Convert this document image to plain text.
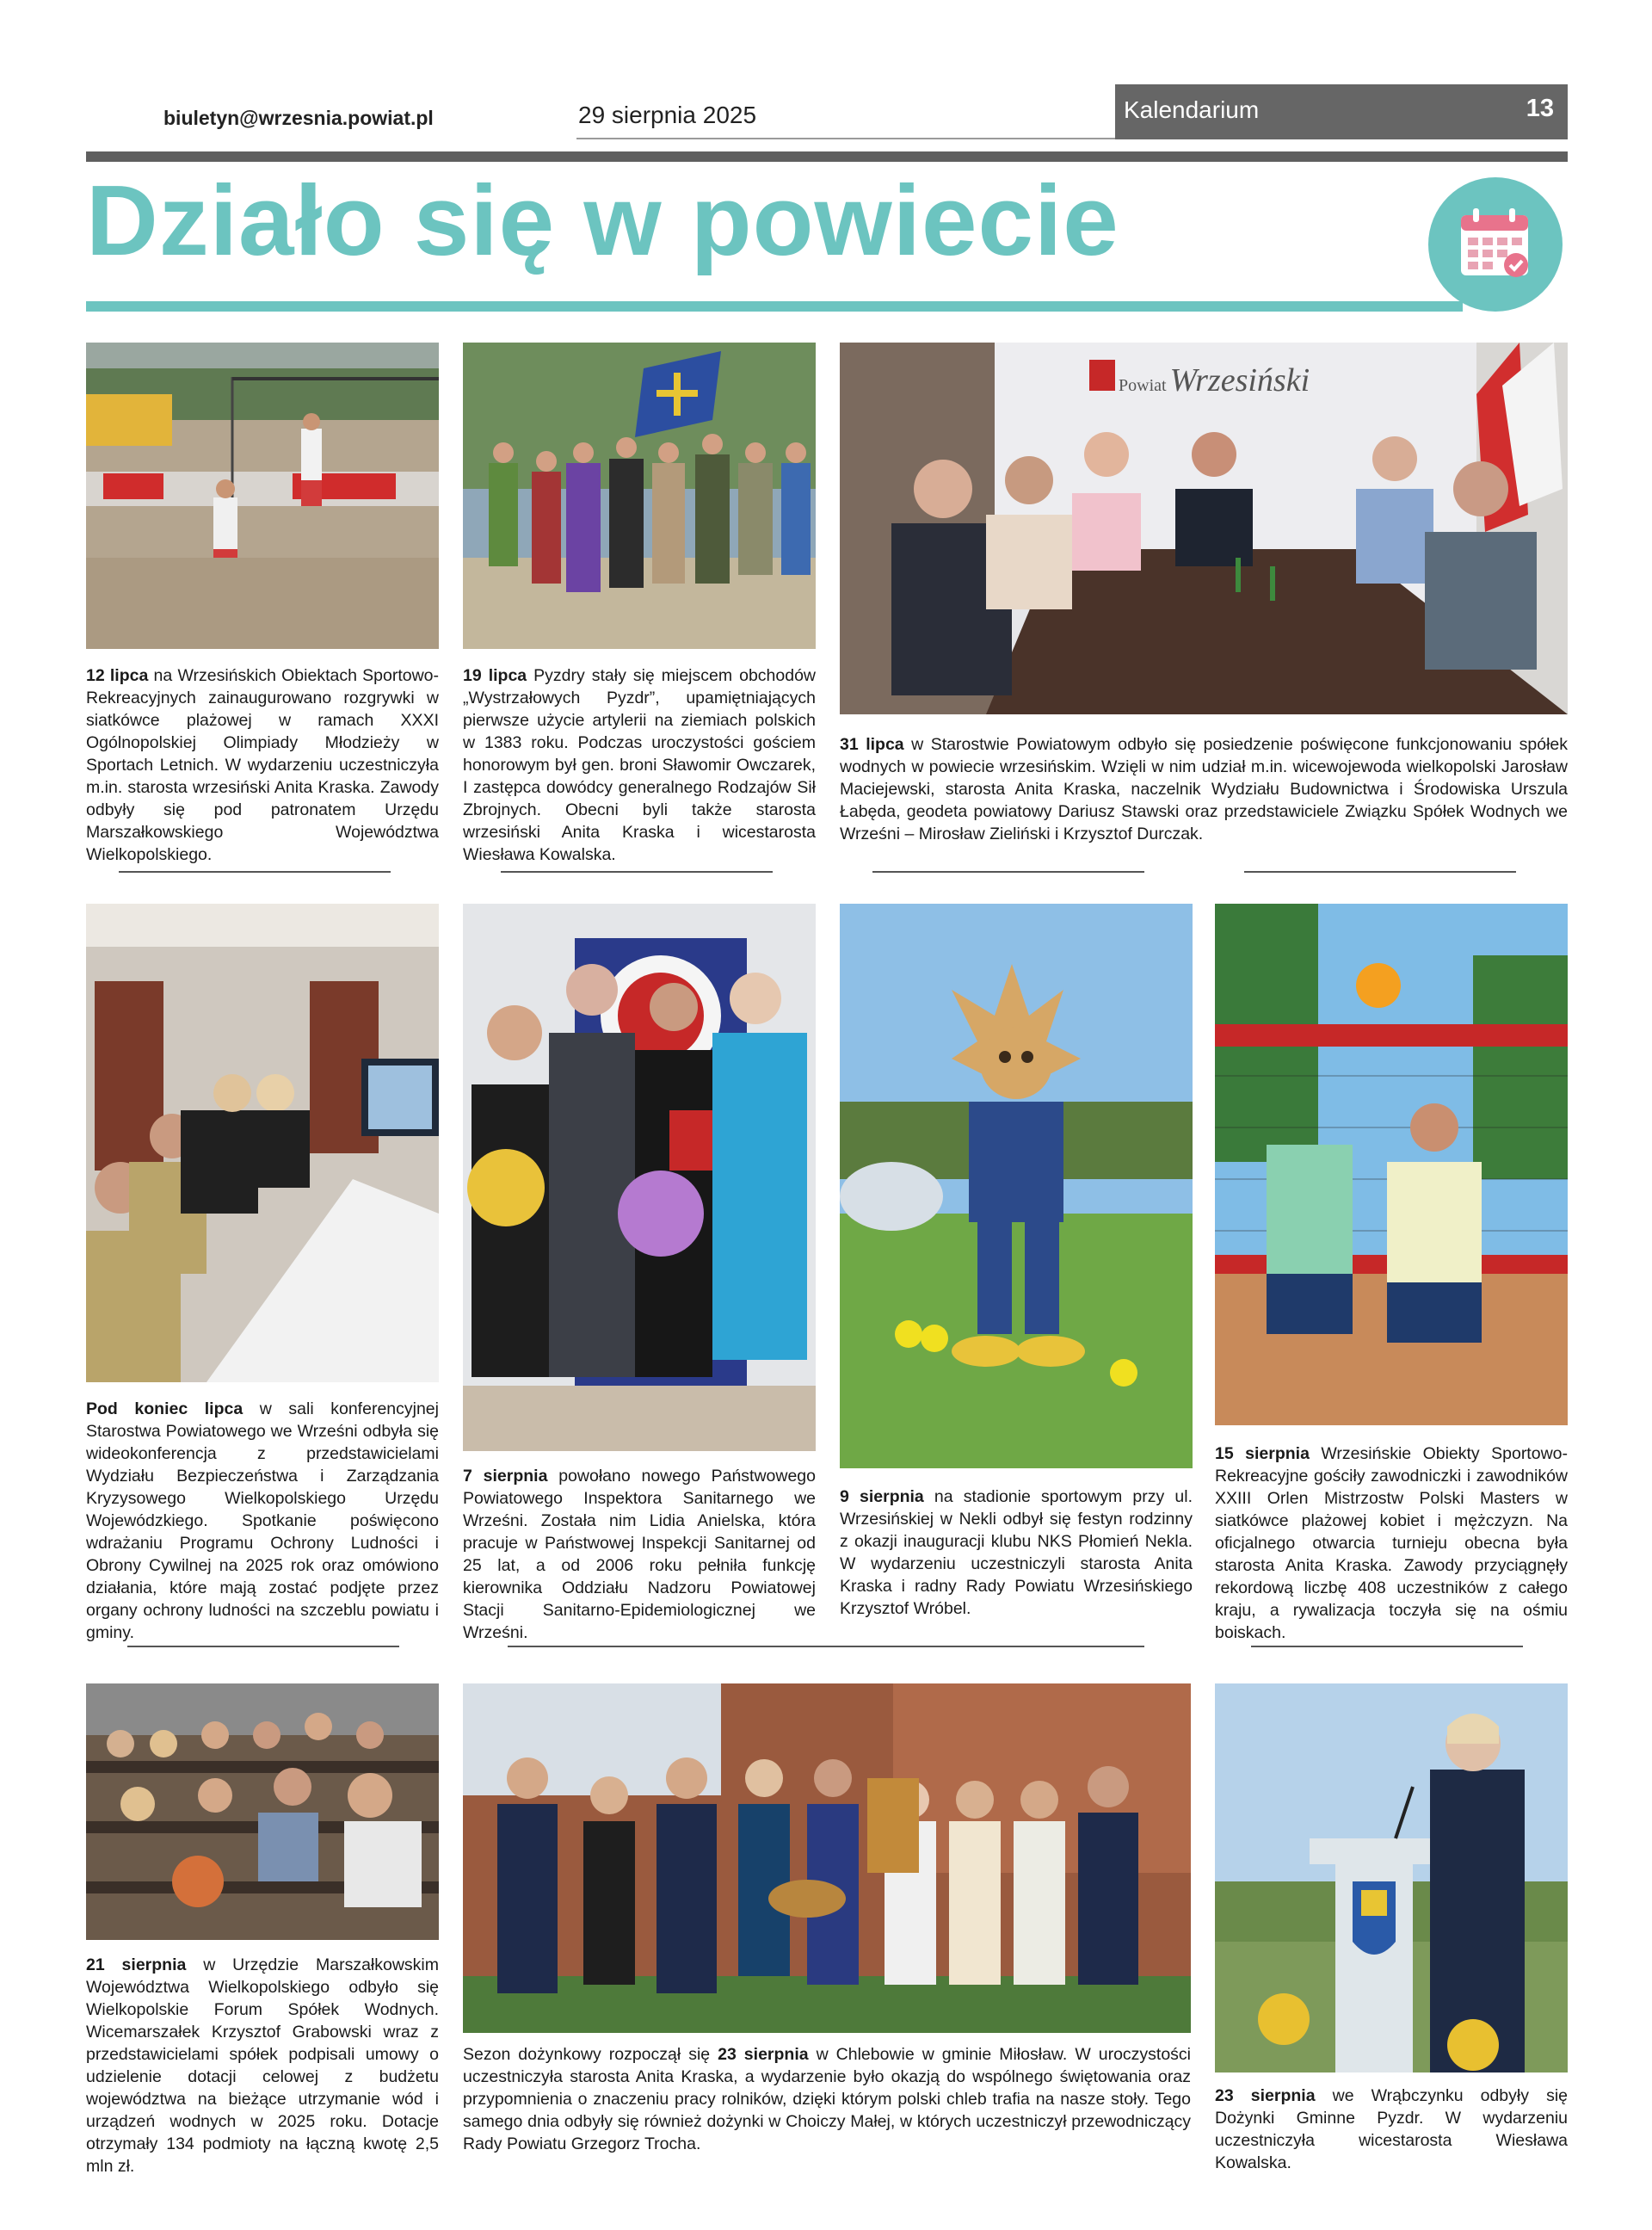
biuletyn@wrzesnia.powiat.pl	29 sierpnia 2025	Kalendarium	13
Działo się w powiecie
Powiat Wrzesiński
12 lipca na Wrzesińskich Obiektach Sportowo-Rekreacyjnych zainaugurowano rozgrywki w siatkówce plażowej w ramach XXXI Ogólnopolskiej Olimpiady Młodzieży w Sportach Letnich. W wydarzeniu uczestniczyła m.in. starosta wrzesiński Anita Kraska. Zawody odbyły się pod patronatem Urzędu Marszałkowskiego Województwa Wielkopolskiego.
19 lipca Pyzdry stały się miejscem obchodów „Wystrzałowych Pyzdr”, upamiętniających pierwsze użycie artylerii na ziemiach polskich w 1383 roku. Podczas uroczystości gościem honorowym był gen. broni Sławomir Owczarek, I zastępca dowódcy generalnego Rodzajów Sił Zbrojnych. Obecni byli także starosta wrzesiński Anita Kraska i wicestarosta Wiesława Kowalska.
31 lipca w Starostwie Powiatowym odbyło się posiedzenie poświęcone funkcjonowaniu spółek wodnych w powiecie wrzesińskim. Wzięli w nim udział m.in. wicewojewoda wielkopolski Jarosław Maciejewski, starosta Anita Kraska, naczelnik Wydziału Budownictwa i Środowiska Urszula Łabęda, geodeta powiatowy Dariusz Stawski oraz przedstawiciele Związku Spółek Wodnych we Wrześni – Mirosław Zieliński i Krzysztof Durczak.
Pod koniec lipca w sali konferencyjnej Starostwa Powiatowego we Wrześni odbyła się wideokonferencja z przedstawicielami Wydziału Bezpieczeństwa i Zarządzania Kryzysowego Wielkopolskiego Urzędu Wojewódzkiego. Spotkanie poświęcono wdrażaniu Programu Ochrony Ludności i Obrony Cywilnej na 2025 rok oraz omówiono działania, które mają zostać podjęte przez organy ochrony ludności na szczeblu powiatu i gminy.
7 sierpnia powołano nowego Państwowego Powiatowego Inspektora Sanitarnego we Wrześni. Została nim Lidia Anielska, która pracuje w Państwowej Inspekcji Sanitarnej od 25 lat, a od 2006 roku pełniła funkcję kierownika Oddziału Nadzoru Powiatowej Stacji Sanitarno-Epidemiologicznej we Wrześni.
9 sierpnia na stadionie sportowym przy ul. Wrzesińskiej w Nekli odbył się festyn rodzinny z okazji inauguracji klubu NKS Płomień Nekla. W wydarzeniu uczestniczyli starosta Anita Kraska i radny Rady Powiatu Wrzesińskiego Krzysztof Wróbel.
15 sierpnia Wrzesińskie Obiekty Sportowo-Rekreacyjne gościły zawodniczki i zawodników XXIII Orlen Mistrzostw Polski Masters w siatkówce plażowej kobiet i mężczyzn. Na oficjalnego otwarcia turnieju obecna była starosta Anita Kraska. Zawody przyciągnęły rekordową liczbę 408 uczestników z całego kraju, a rywalizacja toczyła się na ośmiu boiskach.
21 sierpnia w Urzędzie Marszałkowskim Województwa Wielkopolskiego odbyło się Wielkopolskie Forum Spółek Wodnych. Wicemarszałek Krzysztof Grabowski wraz z przedstawicielami spółek podpisali umowy o udzielenie dotacji celowej z budżetu województwa na bieżące utrzymanie wód i urządzeń wodnych w 2025 roku. Dotacje otrzymały 134 podmioty na łączną kwotę 2,5 mln zł.
Sezon dożynkowy rozpoczął się 23 sierpnia w Chlebowie w gminie Miłosław. W uroczystości uczestniczyła starosta Anita Kraska, a wydarzenie było okazją do wspólnego świętowania oraz przypomnienia o znaczeniu pracy rolników, dzięki którym polski chleb trafia na nasze stoły. Tego samego dnia odbyły się również dożynki w Choiczy Małej, w których uczestniczył przewodniczący Rady Powiatu Grzegorz Trocha.
23 sierpnia we Wrąbczynku odbyły się Dożynki Gminne Pyzdr. W wydarzeniu uczestniczyła wicestarosta Wiesława Kowalska.
